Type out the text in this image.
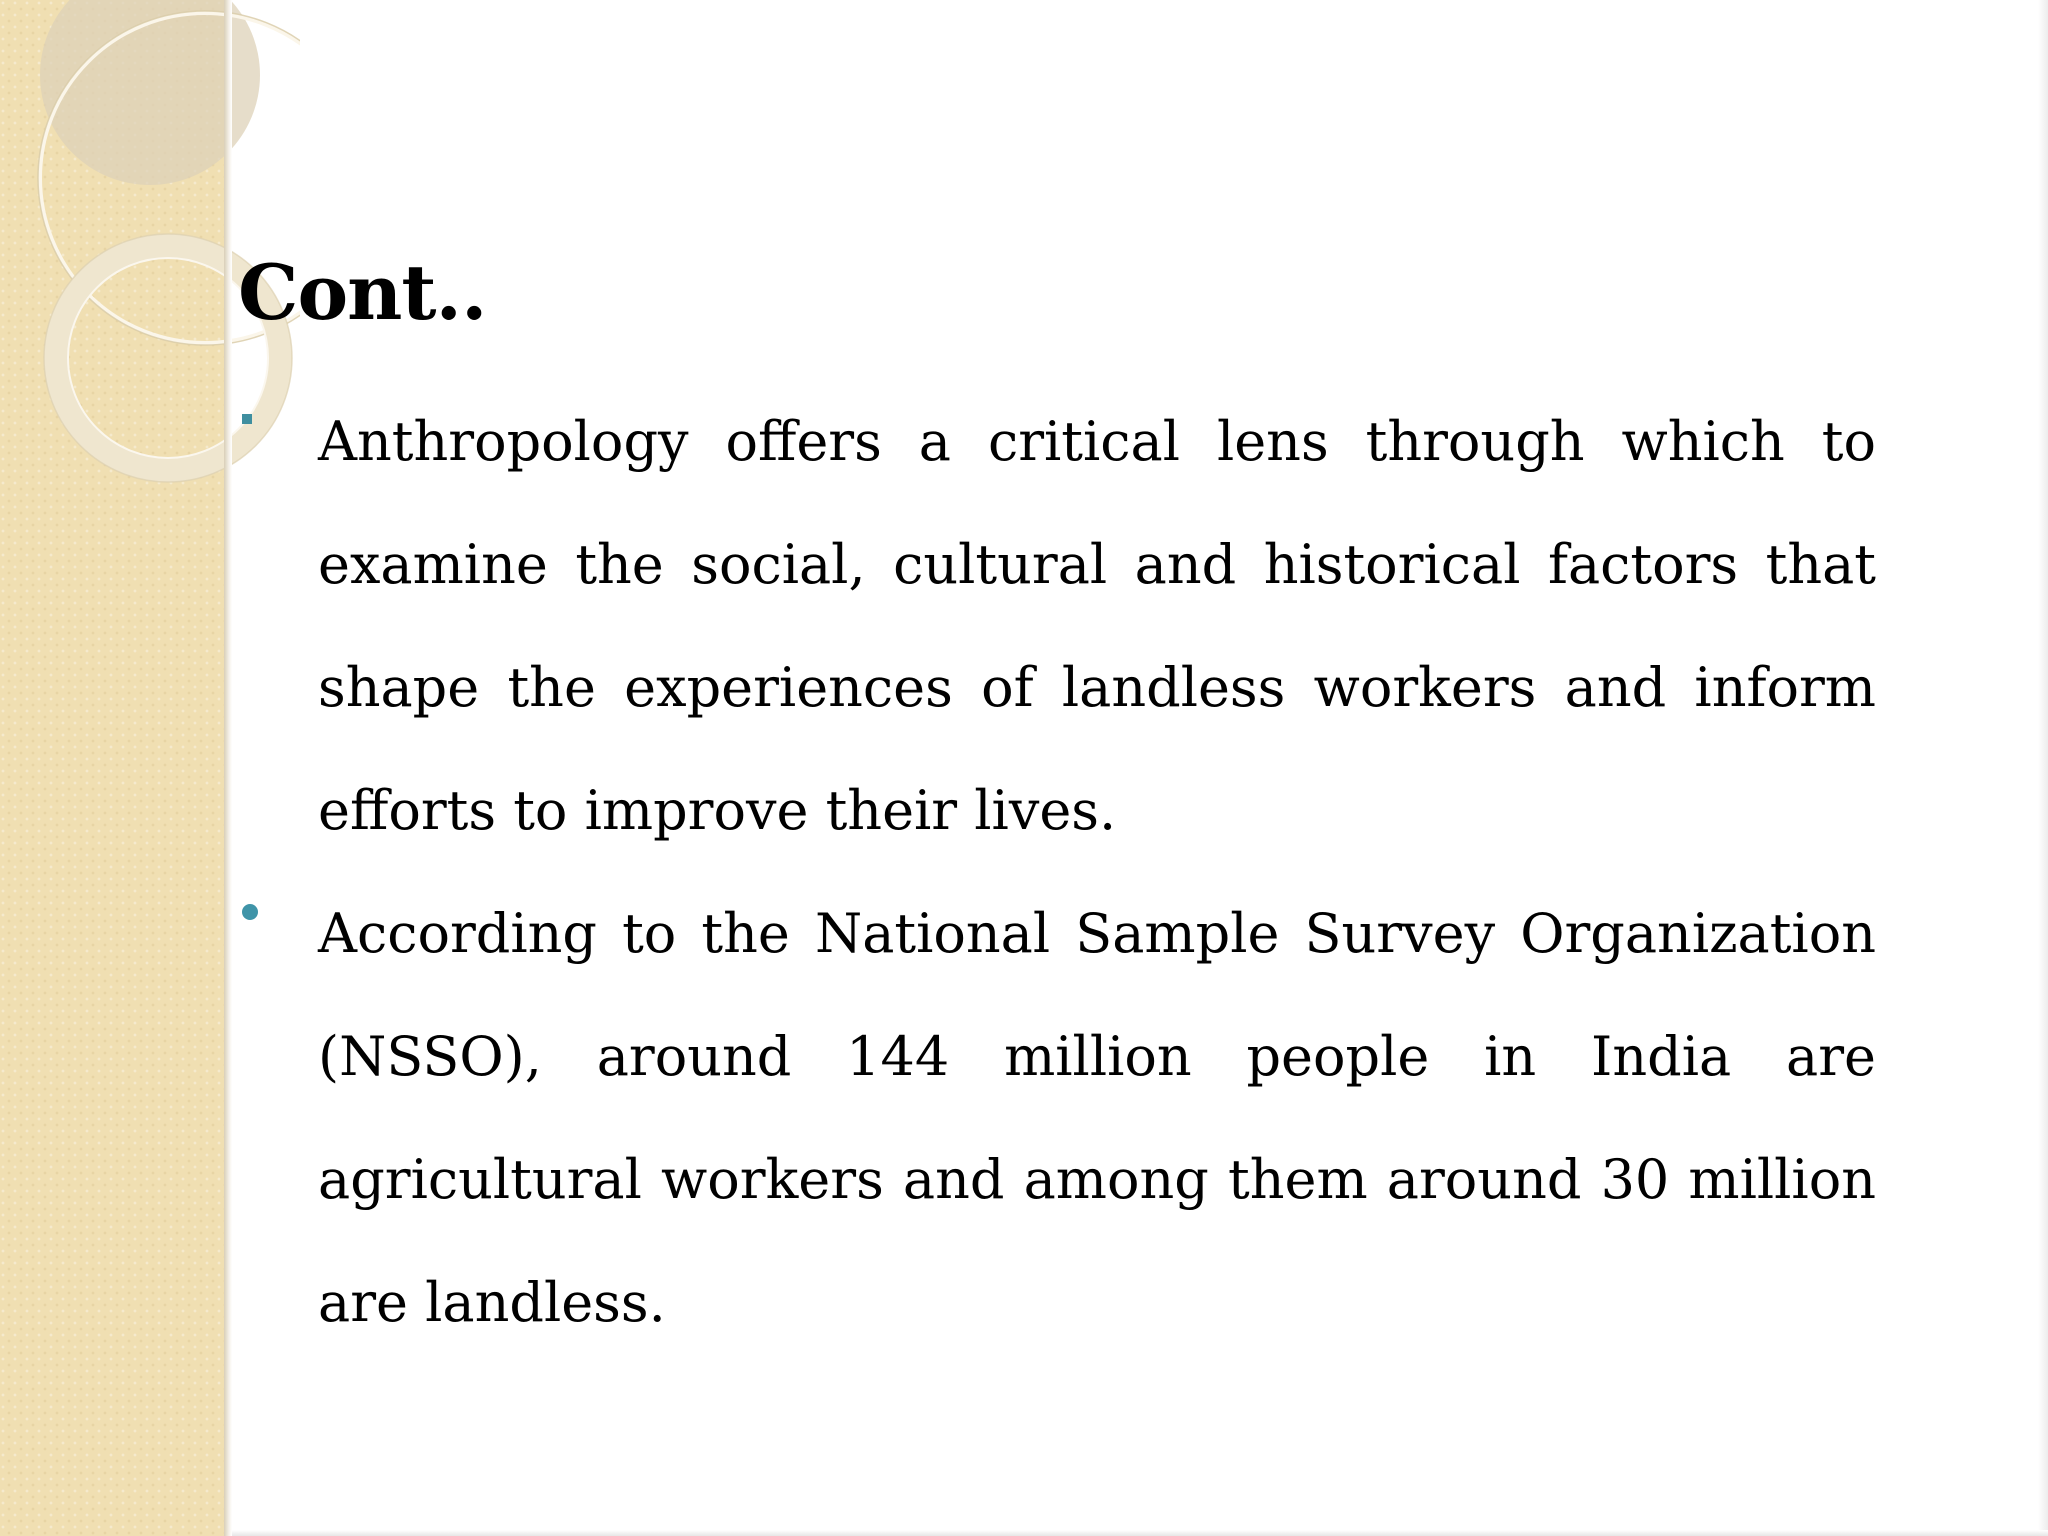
Cont..
Anthropology offers a critical lens through which to examine the social, cultural and historical factors that shape the experiences of landless workers and inform efforts to improve their lives.
According to the National Sample Survey Organization (NSSO), around 144 million people in India are agricultural workers and among them around 30 million are landless.
